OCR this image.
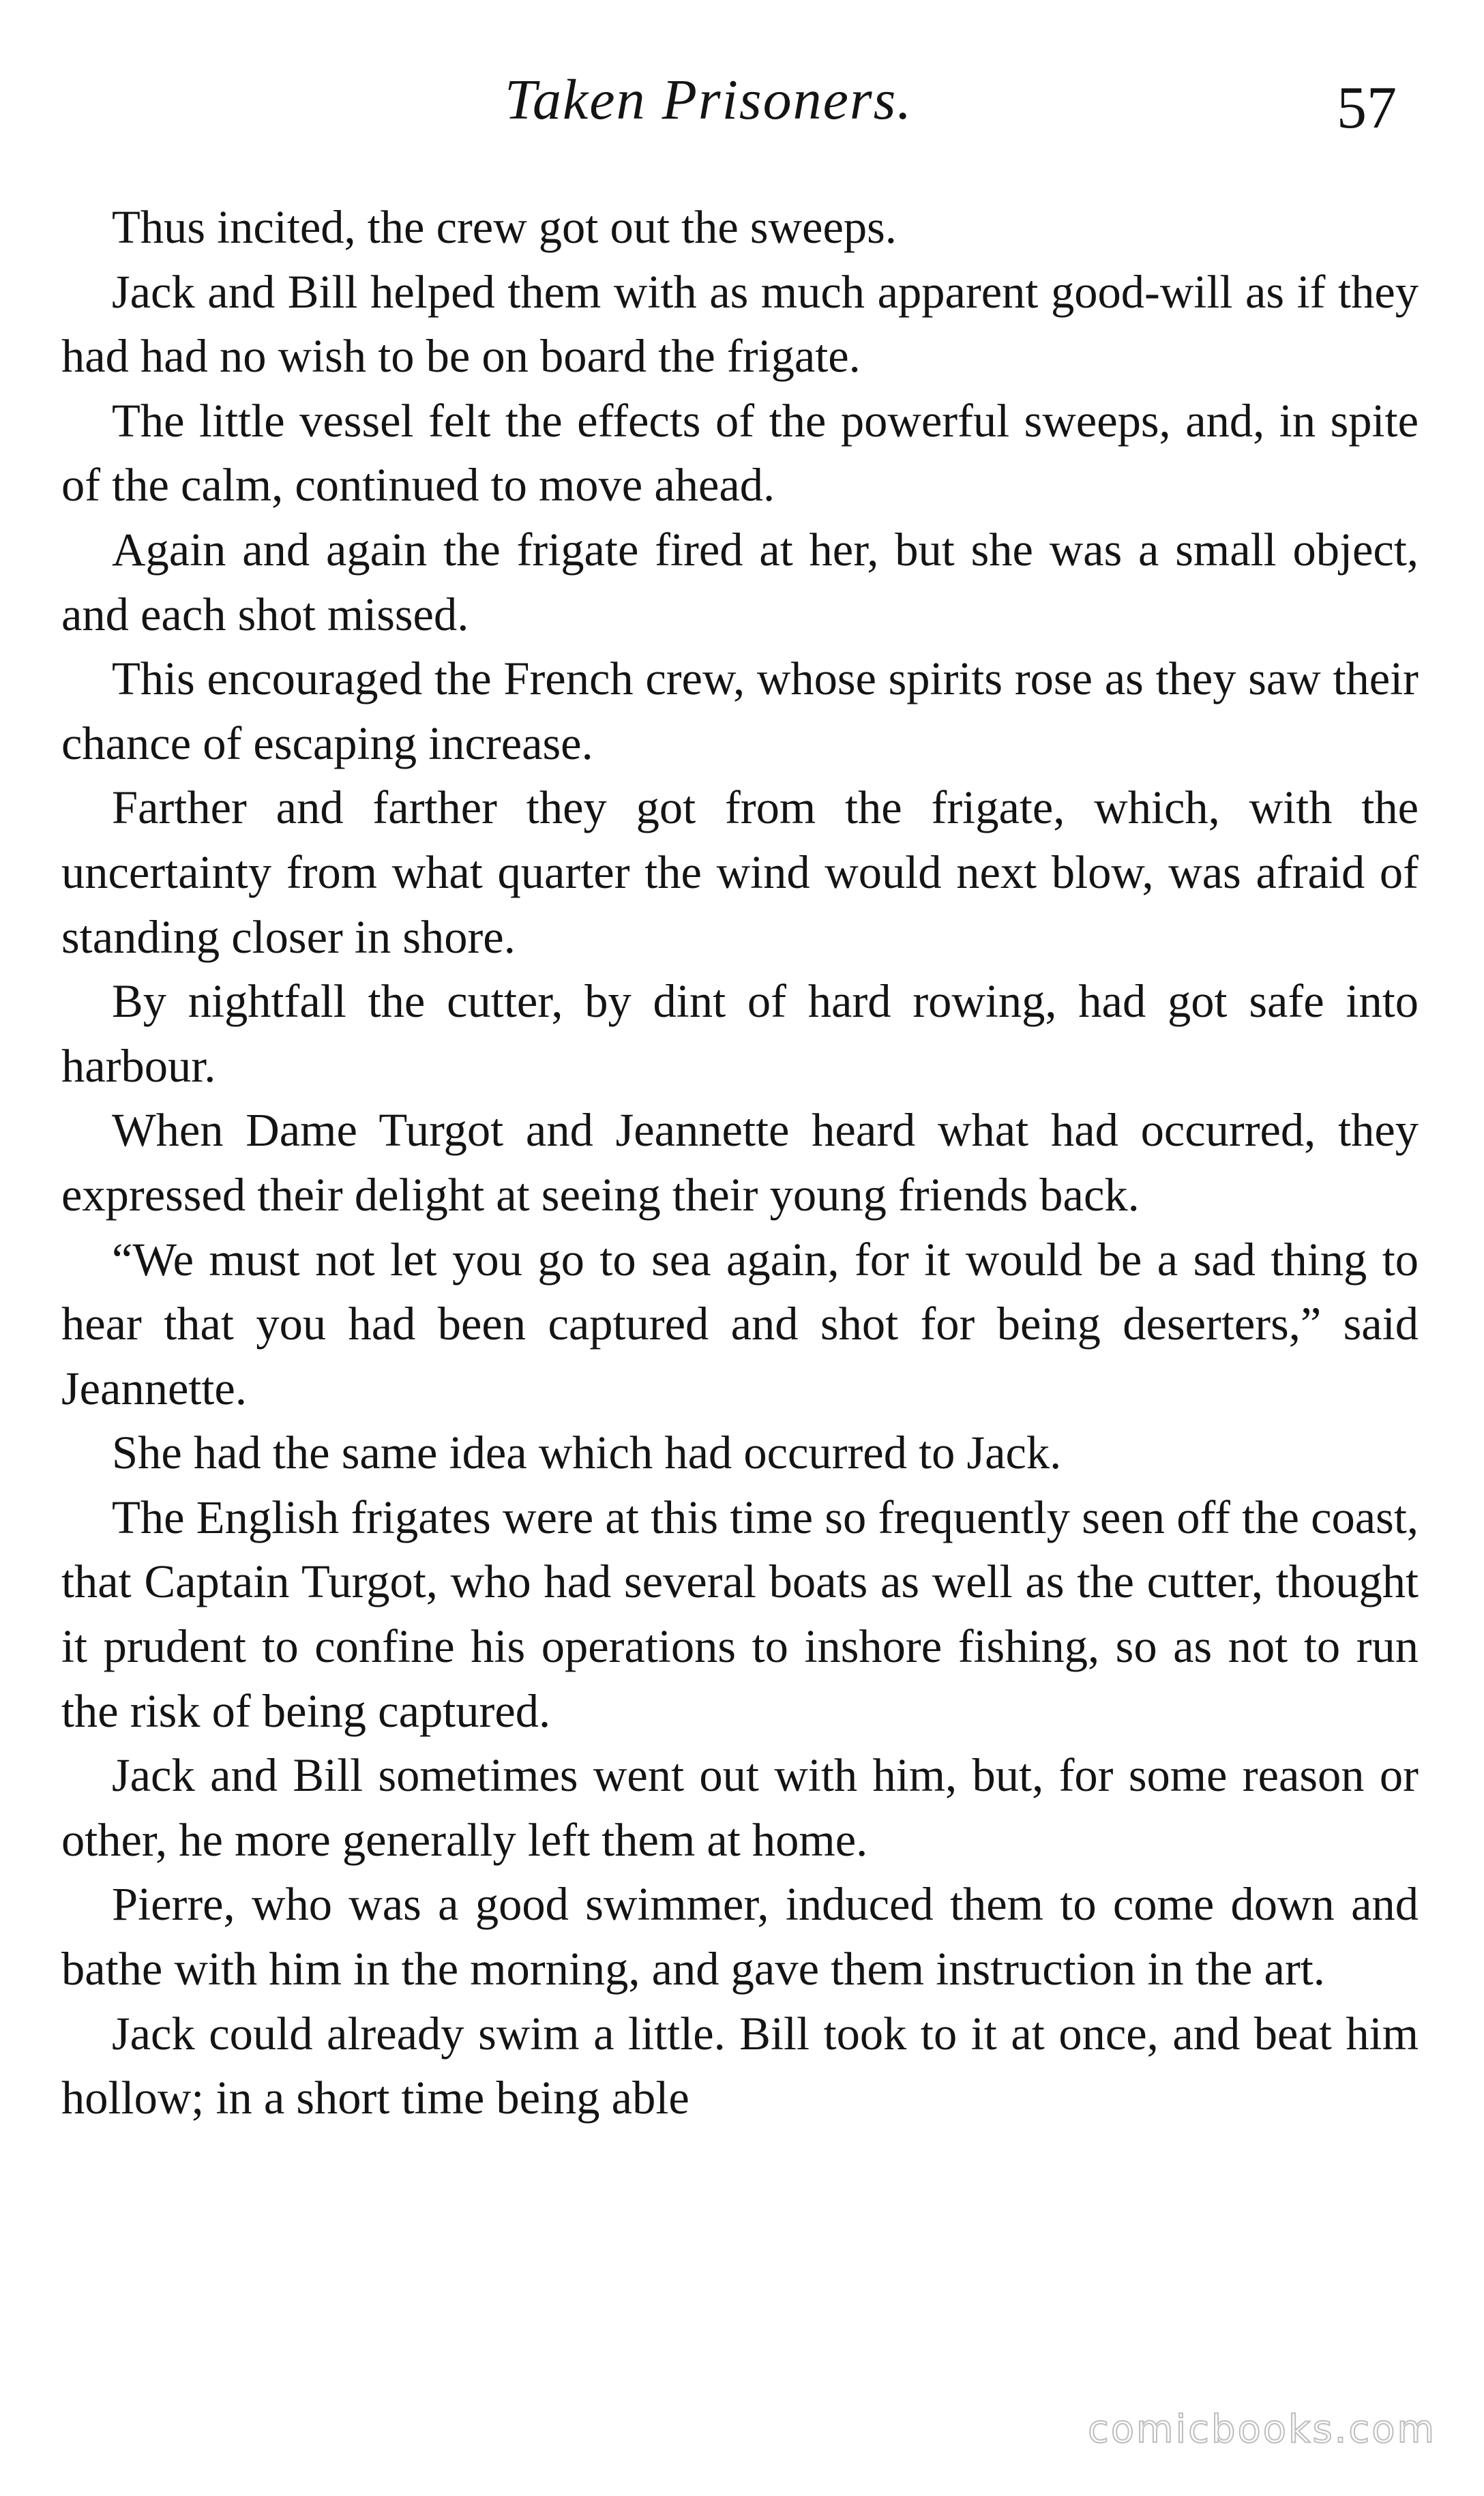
Taken Prisoners.	57

Thus incited, the crew got out the sweeps.

Jack and Bill helped them with as much apparent good-will as if they had had no wish to be on board the frigate.

The little vessel felt the effects of the powerful sweeps, and, in spite of the calm, continued to move ahead.

Again and again the frigate fired at her, but she was a small object, and each shot missed.

This encouraged the French crew, whose spirits rose as they saw their chance of escaping increase.

Farther and farther they got from the frigate, which, with the uncertainty from what quarter the wind would next blow, was afraid of standing closer in shore.

By nightfall the cutter, by dint of hard rowing, had got safe into harbour.

When Dame Turgot and Jeannette heard what had occurred, they expressed their delight at seeing their young friends back.

“We must not let you go to sea again, for it would be a sad thing to hear that you had been captured and shot for being deserters,” said Jeannette.

She had the same idea which had occurred to Jack.

The English frigates were at this time so frequently seen off the coast, that Captain Turgot, who had several boats as well as the cutter, thought it prudent to confine his operations to inshore fishing, so as not to run the risk of being captured.

Jack and Bill sometimes went out with him, but, for some reason or other, he more generally left them at home.

Pierre, who was a good swimmer, induced them to come down and bathe with him in the morning, and gave them instruction in the art.

Jack could already swim a little. Bill took to it at once, and beat him hollow; in a short time being able

comicbooks.com
